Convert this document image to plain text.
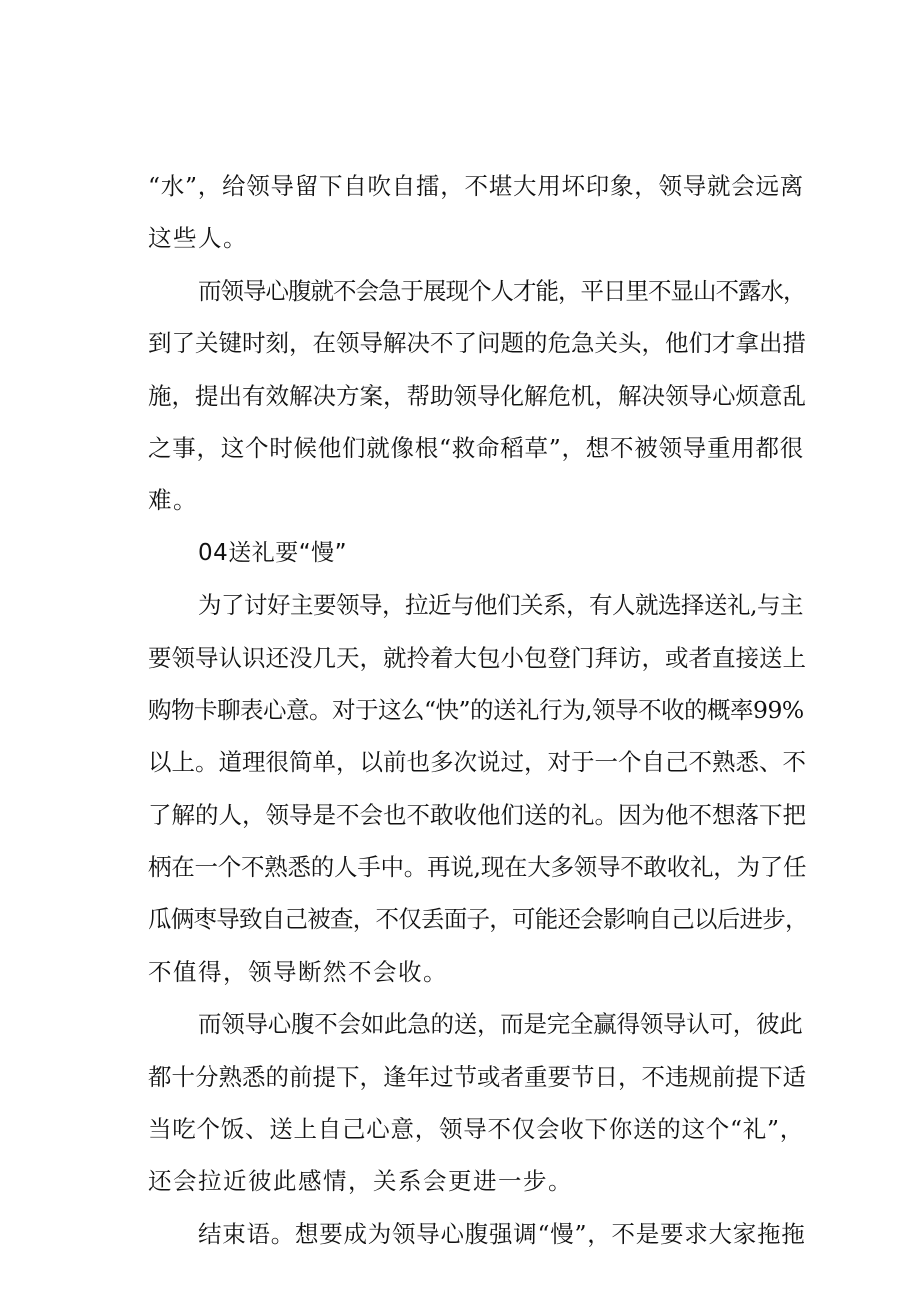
“水”，给领导留下自吹自擂，不堪大用坏印象，领导就会远离
这些人。
而领导心腹就不会急于展现个人才能，平日里不显山不露水，
到了关键时刻，在领导解决不了问题的危急关头，他们才拿出措
施，提出有效解决方案，帮助领导化解危机，解决领导心烦意乱
之事，这个时候他们就像根“救命稻草”，想不被领导重用都很
难。
04送礼要“慢”
为了讨好主要领导，拉近与他们关系，有人就选择送礼,与主
要领导认识还没几天，就拎着大包小包登门拜访，或者直接送上
购物卡聊表心意。对于这么“快”的送礼行为,领导不收的概率99%
以上。道理很简单，以前也多次说过，对于一个自己不熟悉、不
了解的人，领导是不会也不敢收他们送的礼。因为他不想落下把
柄在一个不熟悉的人手中。再说,现在大多领导不敢收礼，为了任
瓜俩枣导致自己被查，不仅丢面子，可能还会影响自己以后进步，
不值得，领导断然不会收。
而领导心腹不会如此急的送，而是完全赢得领导认可，彼此
都十分熟悉的前提下，逢年过节或者重要节日，不违规前提下适
当吃个饭、送上自己心意，领导不仅会收下你送的这个“礼”，
还会拉近彼此感情，关系会更进一步。
结束语。想要成为领导心腹强调“慢”，不是要求大家拖拖
